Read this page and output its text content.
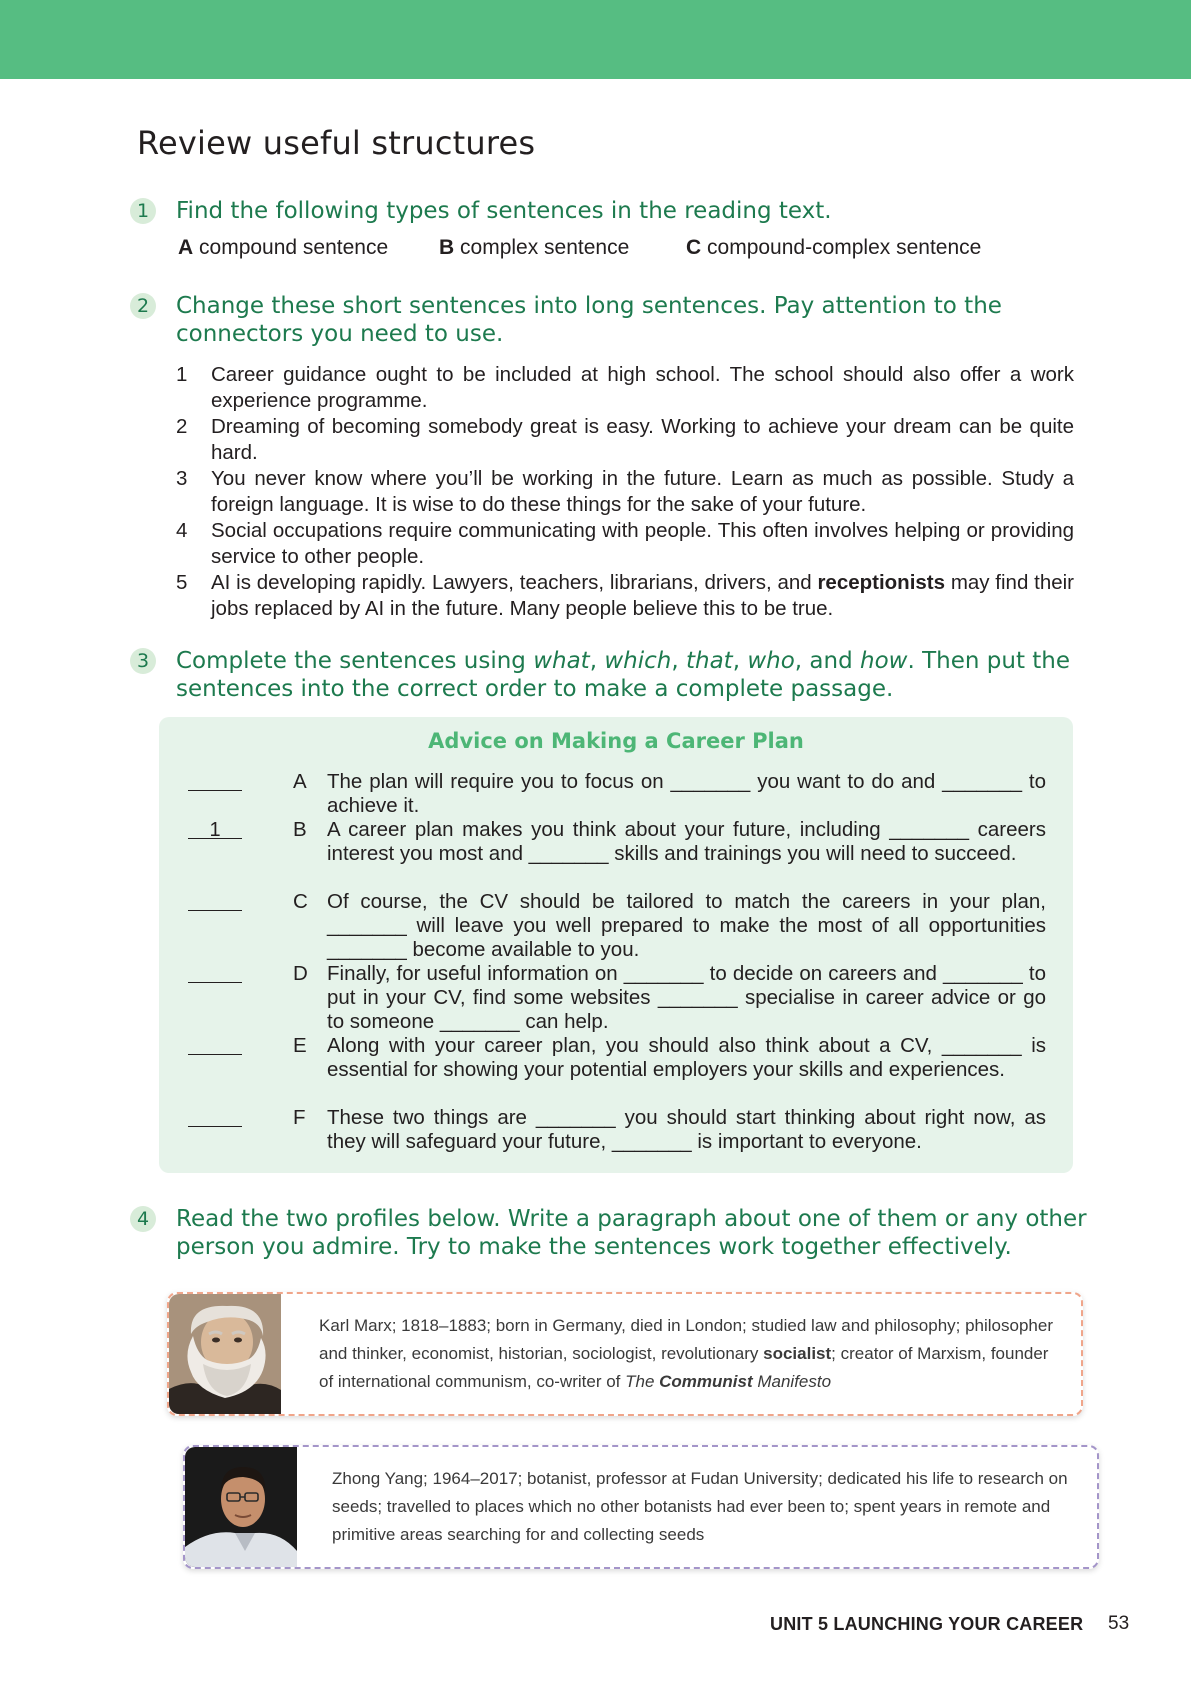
Review useful structures
1	Find the following types of sentences in the reading text.

A compound sentence B complex sentence	C compound-complex sentence
2	Change these short sentences into long sentences. Pay attention to the connectors you need to use.

1	Career guidance ought to be included at high school. The school should also offer a work experience programme.
2	Dreaming of becoming somebody great is easy. Working to achieve your dream can be quite hard.
3	You never know where you’ll be working in the future. Learn as much as possible. Study a foreign language. It is wise to do these things for the sake of your future.
4	Social occupations require communicating with people. This often involves helping or providing service to other people.
5	AI is developing rapidly. Lawyers, teachers, librarians, drivers, and receptionists may find their jobs replaced by AI in the future. Many people believe this to be true.
3	Complete the sentences using what, which, that, who, and how. Then put the sentences into the correct order to make a complete passage.

Advice on Making a Career Plan
A The plan will require you to focus on _______ you want to do and _______ to achieve it.
1	B A career plan makes you think about your future, including _______ careers interest you most and _______ skills and trainings you will need to succeed.
C Of course, the CV should be tailored to match the careers in your plan, _______ will leave you well prepared to make the most of all opportunities _______ become available to you.
D Finally, for useful information on _______ to decide on careers and _______ to put in your CV, find some websites _______ specialise in career advice or go to someone _______ can help.
E Along with your career plan, you should also think about a CV, _______ is essential for showing your potential employers your skills and experiences.
F These two things are _______ you should start thinking about right now, as they will safeguard your future, _______ is important to everyone.
4	Read the two profiles below. Write a paragraph about one of them or any other person you admire. Try to make the sentences work together effectively.

Karl Marx; 1818–1883; born in Germany, died in London; studied law and philosophy; philosopher and thinker, economist, historian, sociologist, revolutionary socialist; creator of Marxism, founder of international communism, co-writer of The Communist Manifesto
Zhong Yang; 1964–2017; botanist, professor at Fudan University; dedicated his life to research on seeds; travelled to places which no other botanists had ever been to; spent years in remote and primitive areas searching for and collecting seeds
UNIT 5 LAUNCHING YOUR CAREER 53
